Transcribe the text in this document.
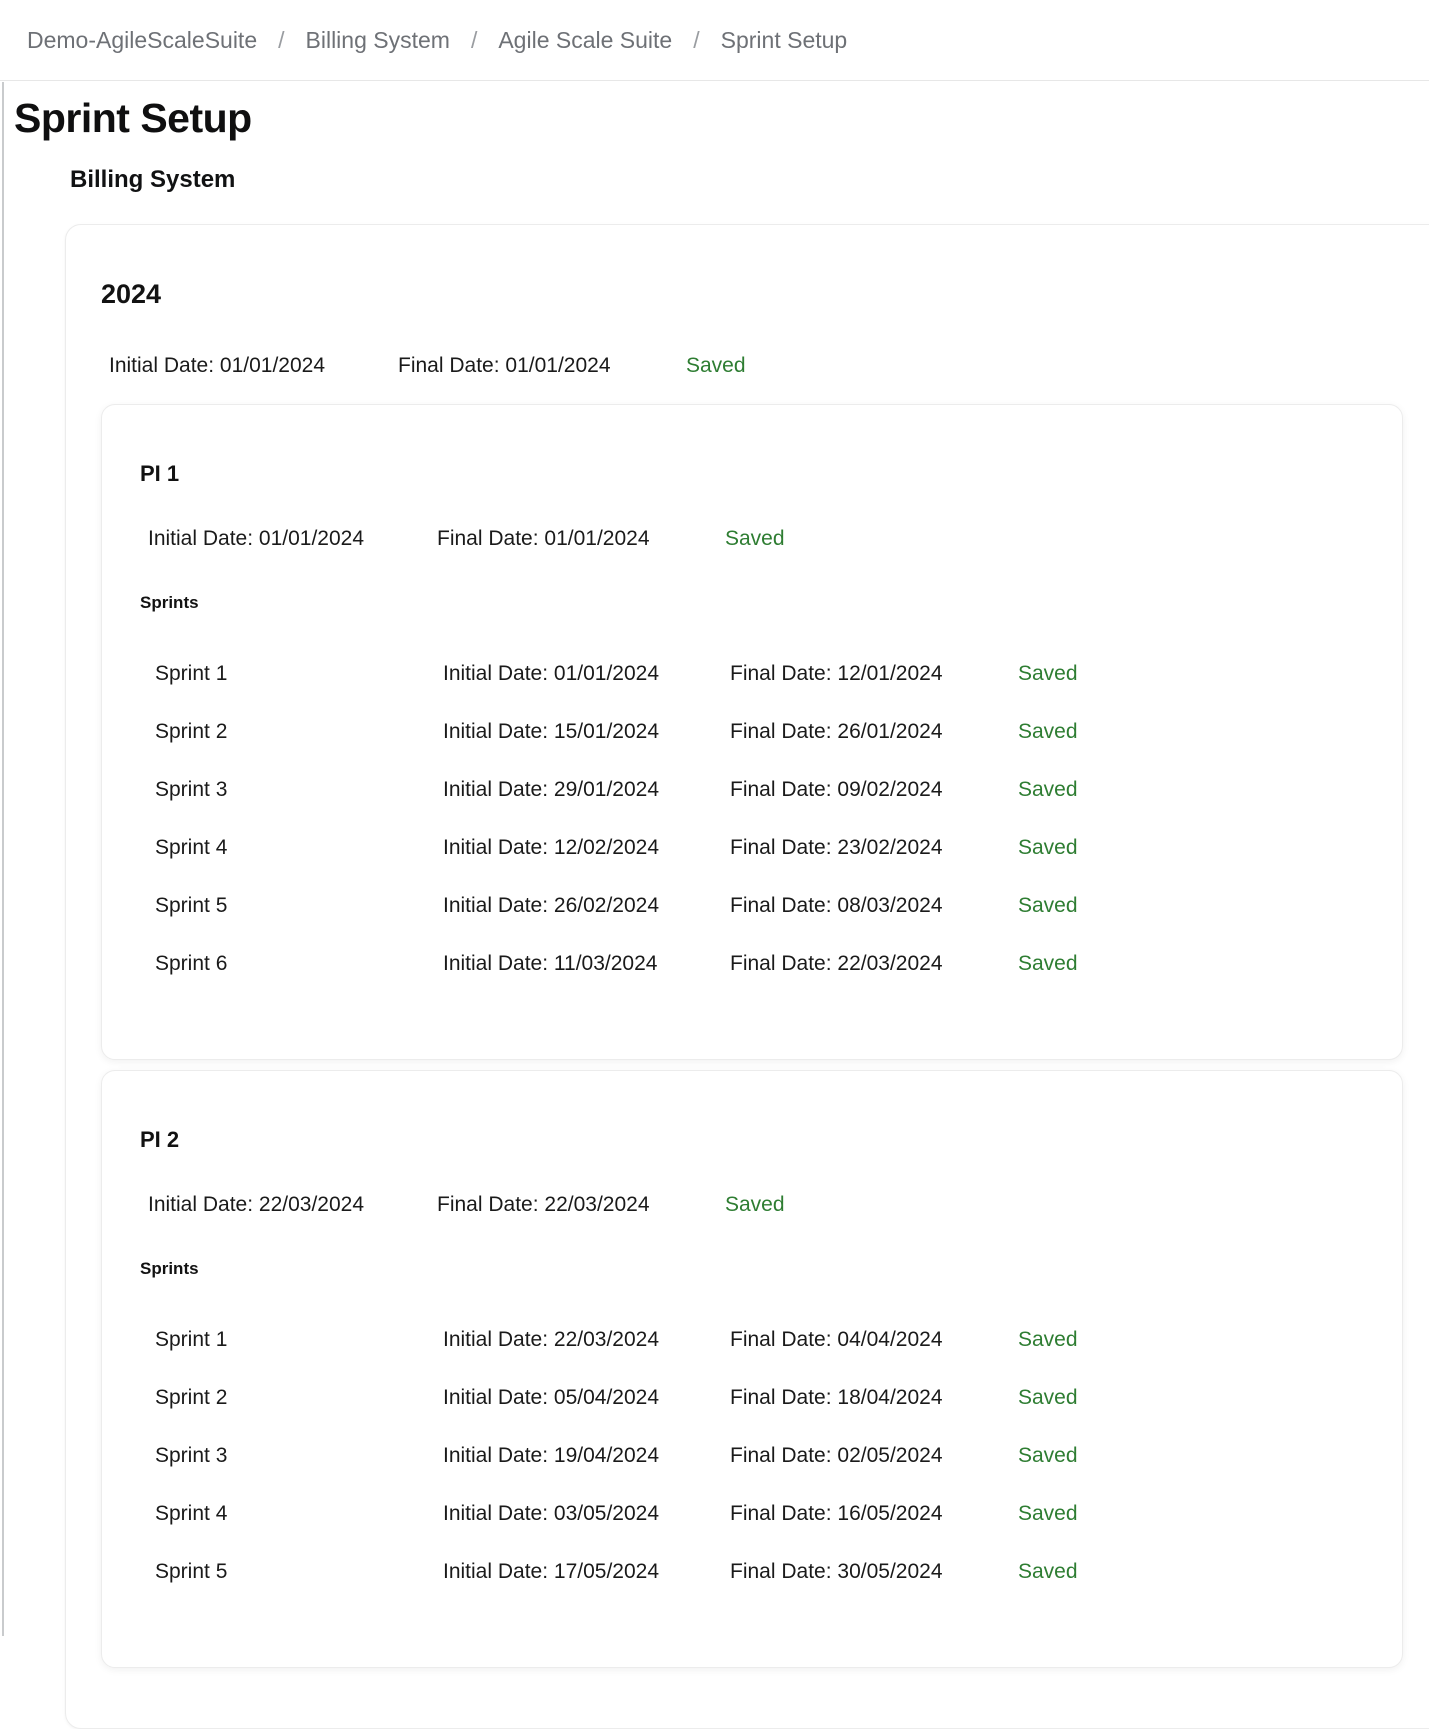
Demo-AgileScaleSuite / Billing System / Agile Scale Suite / Sprint Setup
Sprint Setup
Billing System
2024
Initial Date: 01/01/2024	Final Date: 01/01/2024	Saved
PI 1
Initial Date: 01/01/2024	Final Date: 01/01/2024	Saved
Sprints
Sprint 1	Initial Date: 01/01/2024	Final Date: 12/01/2024	Saved
Sprint 2	Initial Date: 15/01/2024	Final Date: 26/01/2024	Saved
Sprint 3	Initial Date: 29/01/2024	Final Date: 09/02/2024	Saved
Sprint 4	Initial Date: 12/02/2024	Final Date: 23/02/2024	Saved
Sprint 5	Initial Date: 26/02/2024	Final Date: 08/03/2024	Saved
Sprint 6	Initial Date: 11/03/2024	Final Date: 22/03/2024	Saved
PI 2
Initial Date: 22/03/2024	Final Date: 22/03/2024	Saved
Sprints
Sprint 1	Initial Date: 22/03/2024	Final Date: 04/04/2024	Saved
Sprint 2	Initial Date: 05/04/2024	Final Date: 18/04/2024	Saved
Sprint 3	Initial Date: 19/04/2024	Final Date: 02/05/2024	Saved
Sprint 4	Initial Date: 03/05/2024	Final Date: 16/05/2024	Saved
Sprint 5	Initial Date: 17/05/2024	Final Date: 30/05/2024	Saved
